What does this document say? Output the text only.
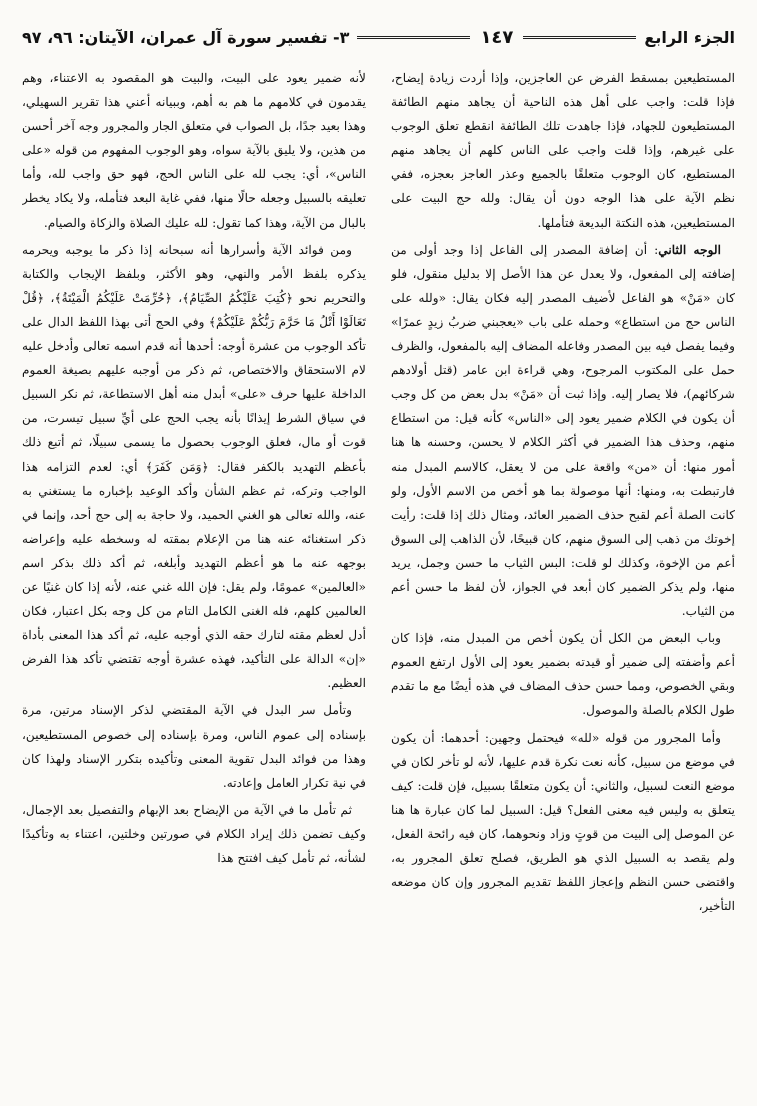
الجزء الرابع
١٤٧
٣- تفسير سورة آل عمران، الآيتان: ٩٦، ٩٧

المستطيعين بمسقط الفرض عن العاجزين، وإذا أردت زيادة إيضاح، فإذا قلت: واجب على أهل هذه الناحية أن يجاهد منهم الطائفة المستطيعون للجهاد، فإذا جاهدت تلك الطائفة انقطع تعلق الوجوب على غيرهم، وإذا قلت واجب على الناس كلهم أن يجاهد منهم المستطيع، كان الوجوب متعلقًا بالجميع وعذر العاجز بعجزه، ففي نظم الآية على هذا الوجه دون أن يقال: ولله حج البيت على المستطيعين، هذه النكتة البديعة فتأملها.

الوجه الثاني: أن إضافة المصدر إلى الفاعل إذا وجد أولى من إضافته إلى المفعول، ولا يعدل عن هذا الأصل إلا بدليل منقول، فلو كان «مَنْ» هو الفاعل لأضيف المصدر إليه فكان يقال: «ولله على الناس حج من استطاع» وحمله على باب «يعجبني ضربُ زيدٍ عمرًا» وفيما يفصل فيه بين المصدر وفاعله المضاف إليه بالمفعول، والظرف حمل على المكتوب المرجوح، وهي قراءة ابن عامر (قتل أولادهم شركائهم)، فلا يصار إليه. وإذا ثبت أن «مَنْ» بدل بعض من كل وجب أن يكون في الكلام ضمير يعود إلى «الناس» كأنه قيل: من استطاع منهم، وحذف هذا الضمير في أكثر الكلام لا يحسن، وحسنه ها هنا أمور منها: أن «من» واقعة على من لا يعقل، كالاسم المبدل منه فارتبطت به، ومنها: أنها موصولة بما هو أخص من الاسم الأول، ولو كانت الصلة أعم لقبح حذف الضمير العائد، ومثال ذلك إذا قلت: رأيت إخوتك من ذهب إلى السوق منهم، كان قبيحًا، لأن الذاهب إلى السوق أعم من الإخوة، وكذلك لو قلت: البس الثياب ما حسن وجمل، يريد منها، ولم يذكر الضمير كان أبعد في الجواز، لأن لفظ ما حسن أعم من الثياب.

وباب البعض من الكل أن يكون أخص من المبدل منه، فإذا كان أعم وأضفته إلى ضمير أو قيدته بضمير يعود إلى الأول ارتفع العموم وبقي الخصوص، ومما حسن حذف المضاف في هذه أيضًا مع ما تقدم طول الكلام بالصلة والموصول.

وأما المجرور من قوله «لله» فيحتمل وجهين: أحدهما: أن يكون في موضع من سبيل، كأنه نعت نكرة قدم عليها، لأنه لو تأخر لكان في موضع النعت لسبيل، والثاني: أن يكون متعلقًا بسبيل، فإن قلت: كيف يتعلق به وليس فيه معنى الفعل؟ قيل: السبيل لما كان عبارة ها هنا عن الموصل إلى البيت من قوتٍ وزاد ونحوهما، كان فيه رائحة الفعل، ولم يقصد به السبيل الذي هو الطريق، فصلح تعلق المجرور به، واقتضى حسن النظم وإعجاز اللفظ تقديم المجرور وإن كان موضعه التأخير،

لأنه ضمير يعود على البيت، والبيت هو المقصود به الاعتناء، وهم يقدمون في كلامهم ما هم به أهم، وببيانه أعني هذا تقرير السهيلي، وهذا بعيد جدًا، بل الصواب في متعلق الجار والمجرور وجه آخر أحسن من هذين، ولا يليق بالآية سواه، وهو الوجوب المفهوم من قوله «على الناس»، أي: يجب لله على الناس الحج، فهو حق واجب لله، وأما تعليقه بالسبيل وجعله حالًا منها، ففي غاية البعد فتأمله، ولا يكاد يخطر بالبال من الآية، وهذا كما تقول: لله عليك الصلاة والزكاة والصيام.

ومن فوائد الآية وأسرارها أنه سبحانه إذا ذكر ما يوجبه ويحرمه يذكره بلفظ الأمر والنهي، وهو الأكثر، وبلفظ الإيجاب والكتابة والتحريم نحو ﴿كُتِبَ عَلَيْكُمُ الصِّيَامُ﴾، ﴿حُرِّمَتْ عَلَيْكُمُ الْمَيْتَةُ﴾، ﴿قُلْ تَعَالَوْا أَتْلُ مَا حَرَّمَ رَبُّكُمْ عَلَيْكُمْ﴾ وفي الحج أتى بهذا اللفظ الدال على تأكد الوجوب من عشرة أوجه: أحدها أنه قدم اسمه تعالى وأدخل عليه لام الاستحقاق والاختصاص، ثم ذكر من أوجبه عليهم بصيغة العموم الداخلة عليها حرف «على» أبدل منه أهل الاستطاعة، ثم نكر السبيل في سياق الشرط إيذانًا بأنه يجب الحج على أيِّ سبيل تيسرت، من قوت أو مال، فعلق الوجوب بحصول ما يسمى سبيلًا، ثم أتبع ذلك بأعظم التهديد بالكفر فقال: ﴿وَمَن كَفَرَ﴾ أي: لعدم التزامه هذا الواجب وتركه، ثم عظم الشأن وأكد الوعيد بإخباره ما يستغني به عنه، والله تعالى هو الغني الحميد، ولا حاجة به إلى حج أحد، وإنما في ذكر استغنائه عنه هنا من الإعلام بمقته له وسخطه عليه وإعراضه بوجهه عنه ما هو أعظم التهديد وأبلغه، ثم أكد ذلك بذكر اسم «العالمين» عمومًا، ولم يقل: فإن الله غني عنه، لأنه إذا كان غنيًا عن العالمين كلهم، فله الغنى الكامل التام من كل وجه بكل اعتبار، فكان أدل لعظم مقته لتارك حقه الذي أوجبه عليه، ثم أكد هذا المعنى بأداة «إن» الدالة على التأكيد، فهذه عشرة أوجه تقتضي تأكد هذا الفرض العظيم.

وتأمل سر البدل في الآية المقتضي لذكر الإسناد مرتين، مرة بإسناده إلى عموم الناس، ومرة بإسناده إلى خصوص المستطيعين، وهذا من فوائد البدل تقوية المعنى وتأكيده بتكرر الإسناد ولهذا كان في نية تكرار العامل وإعادته.

ثم تأمل ما في الآية من الإيضاح بعد الإبهام والتفصيل بعد الإجمال، وكيف تضمن ذلك إيراد الكلام في صورتين وخلتين، اعتناء به وتأكيدًا لشأنه، ثم تأمل كيف افتتح هذا
